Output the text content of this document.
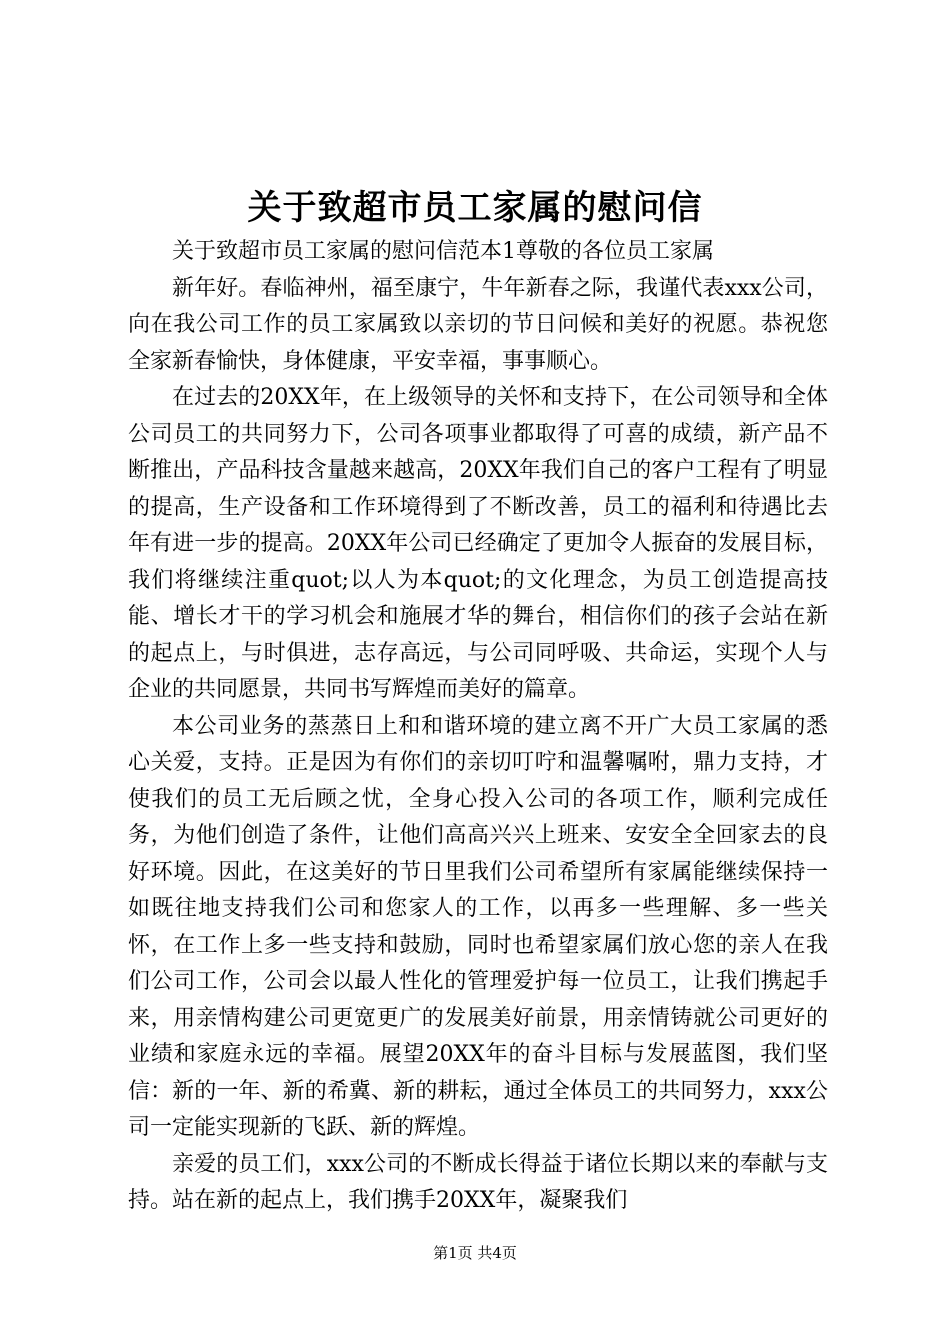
关于致超市员工家属的慰问信

关于致超市员工家属的慰问信范本1尊敬的各位员工家属

新年好。春临神州，福至康宁，牛年新春之际，我谨代表xxx公司，向在我公司工作的员工家属致以亲切的节日问候和美好的祝愿。恭祝您全家新春愉快，身体健康，平安幸福，事事顺心。

在过去的20XX年，在上级领导的关怀和支持下，在公司领导和全体公司员工的共同努力下，公司各项事业都取得了可喜的成绩，新产品不断推出，产品科技含量越来越高，20XX年我们自己的客户工程有了明显的提高，生产设备和工作环境得到了不断改善，员工的福利和待遇比去年有进一步的提高。20XX年公司已经确定了更加令人振奋的发展目标，我们将继续注重quot;以人为本quot;的文化理念，为员工创造提高技能、增长才干的学习机会和施展才华的舞台，相信你们的孩子会站在新的起点上，与时俱进，志存高远，与公司同呼吸、共命运，实现个人与企业的共同愿景，共同书写辉煌而美好的篇章。

本公司业务的蒸蒸日上和和谐环境的建立离不开广大员工家属的悉心关爱，支持。正是因为有你们的亲切叮咛和温馨嘱咐，鼎力支持，才使我们的员工无后顾之忧，全身心投入公司的各项工作，顺利完成任务，为他们创造了条件，让他们高高兴兴上班来、安安全全回家去的良好环境。因此，在这美好的节日里我们公司希望所有家属能继续保持一如既往地支持我们公司和您家人的工作，以再多一些理解、多一些关怀，在工作上多一些支持和鼓励，同时也希望家属们放心您的亲人在我们公司工作，公司会以最人性化的管理爱护每一位员工，让我们携起手来，用亲情构建公司更宽更广的发展美好前景，用亲情铸就公司更好的业绩和家庭永远的幸福。展望20XX年的奋斗目标与发展蓝图，我们坚信：新的一年、新的希冀、新的耕耘，通过全体员工的共同努力，xxx公司一定能实现新的飞跃、新的辉煌。

亲爱的员工们，xxx公司的不断成长得益于诸位长期以来的奉献与支持。站在新的起点上，我们携手20XX年，凝聚我们

第1页 共4页
